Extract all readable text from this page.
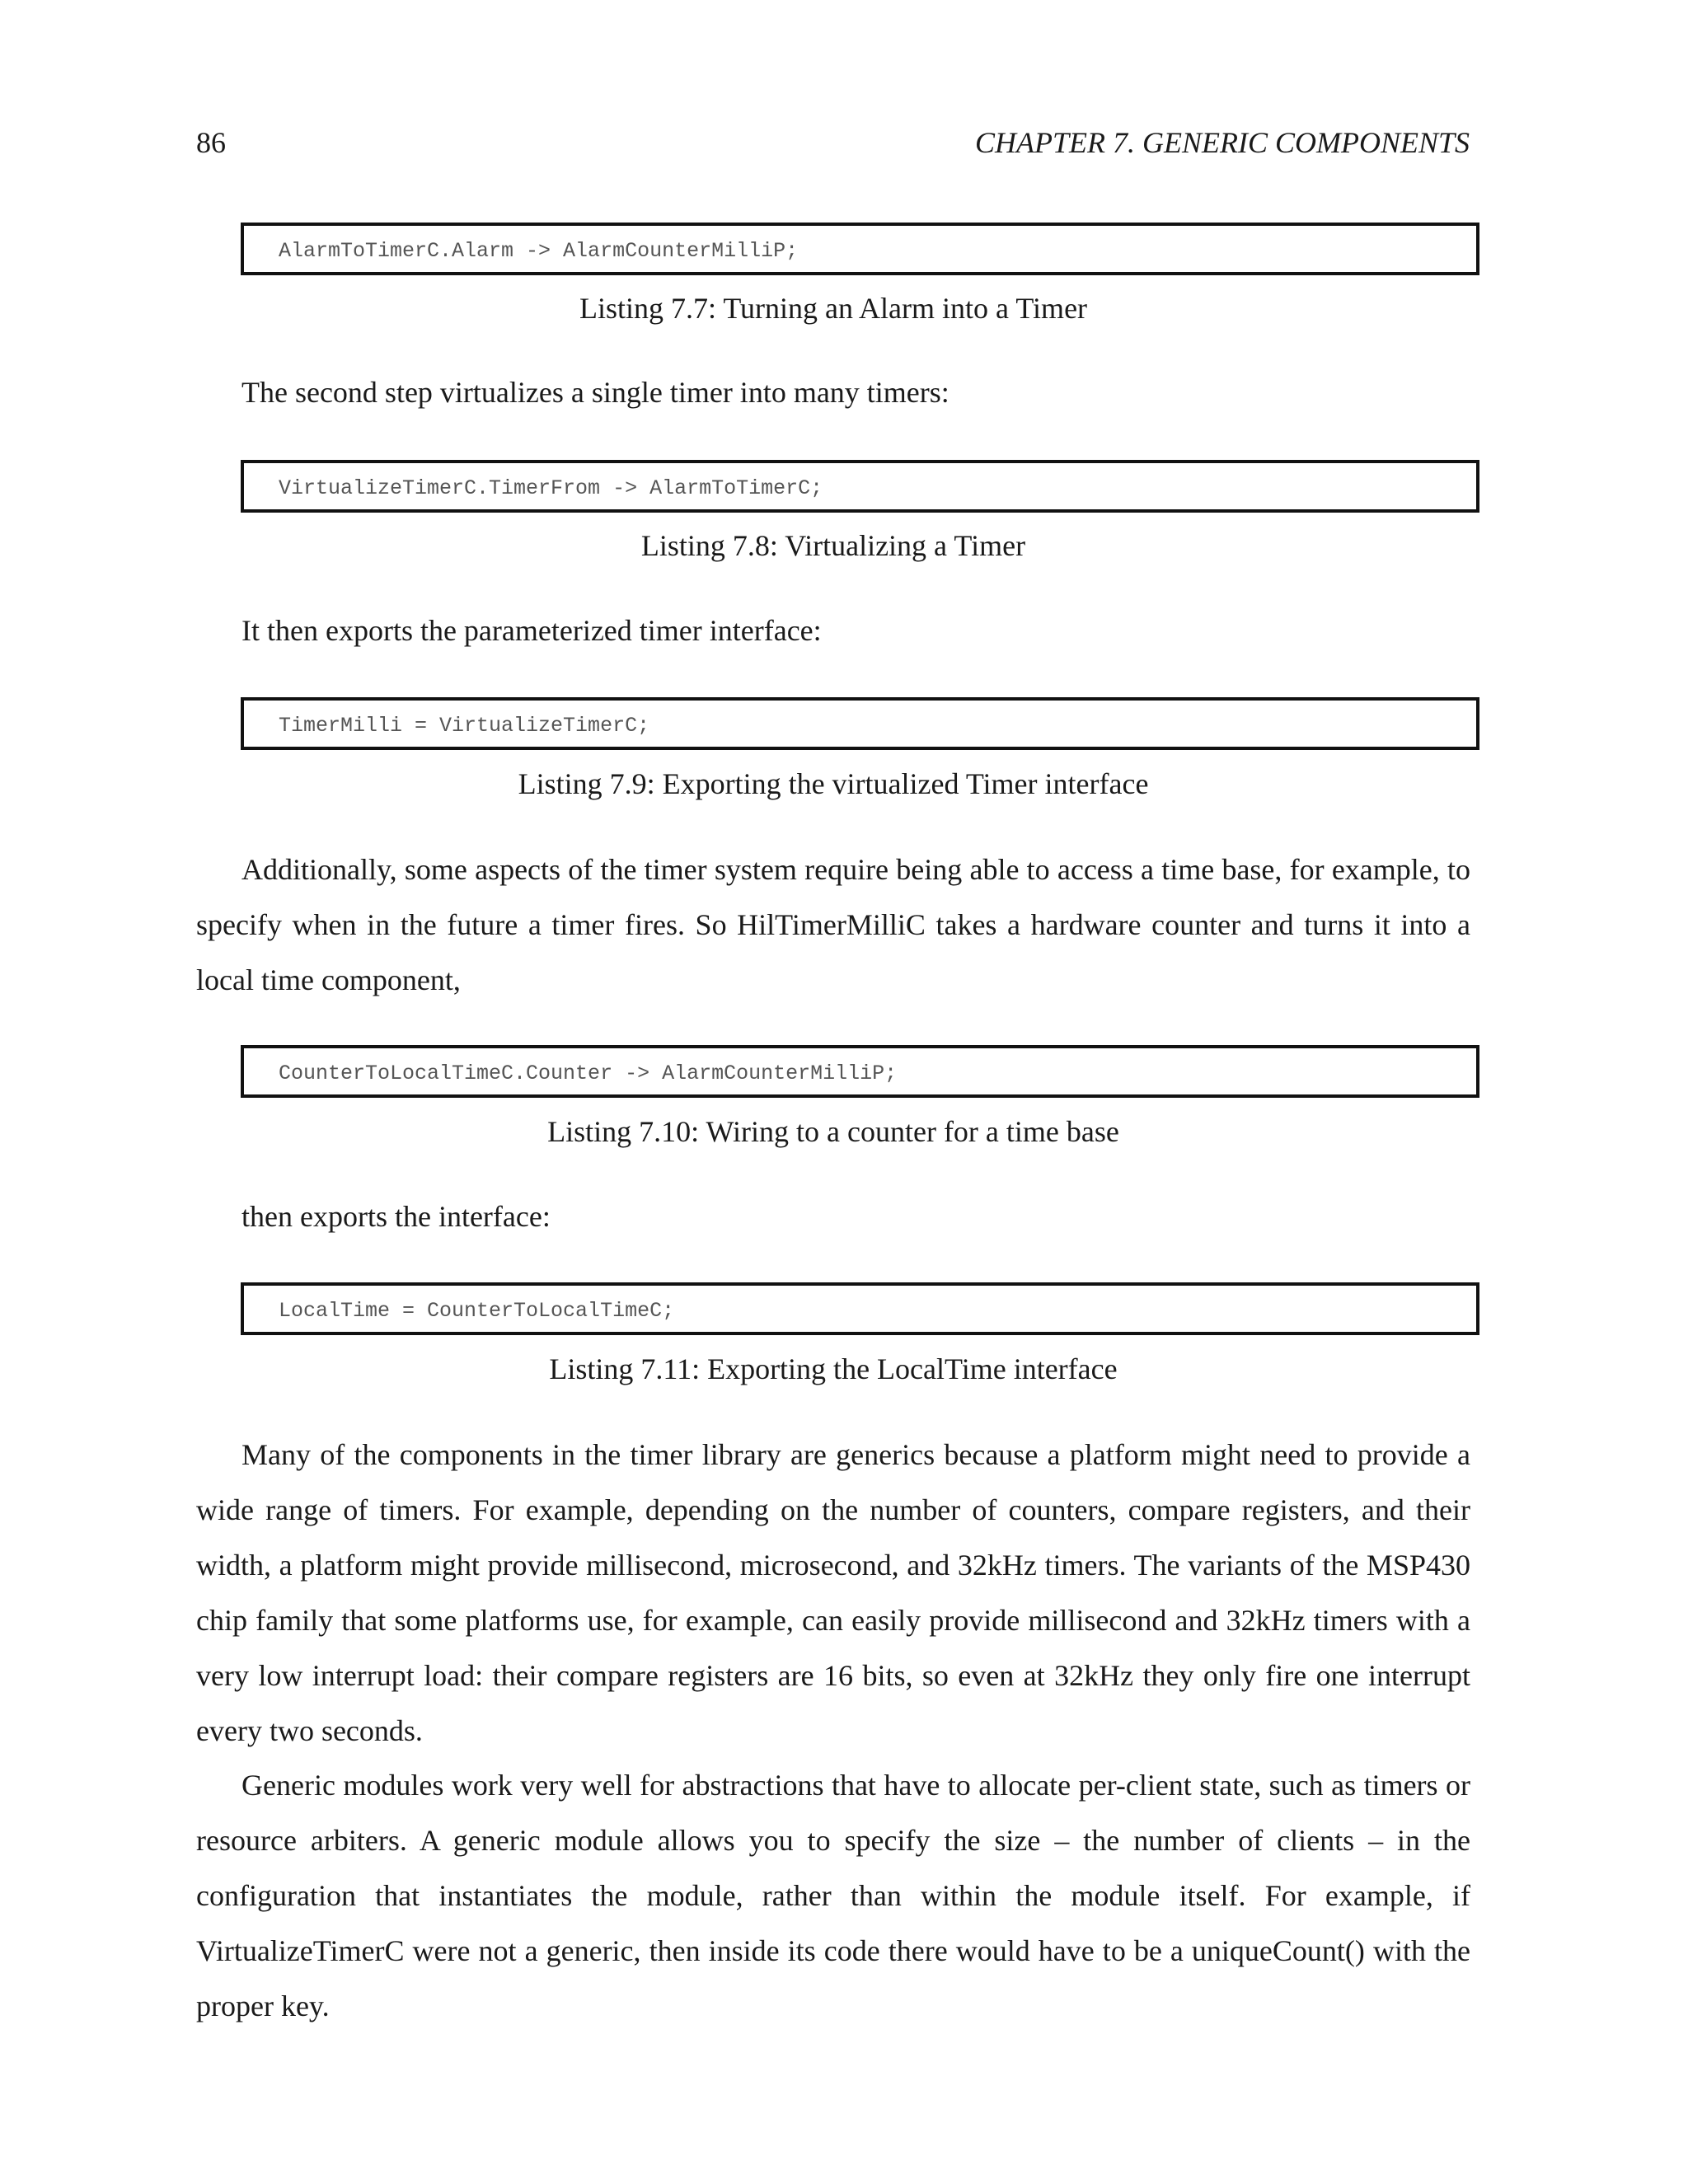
86	CHAPTER 7. GENERIC COMPONENTS
AlarmToTimerC.Alarm -> AlarmCounterMilliP;
Listing 7.7: Turning an Alarm into a Timer
The second step virtualizes a single timer into many timers:
VirtualizeTimerC.TimerFrom -> AlarmToTimerC;
Listing 7.8: Virtualizing a Timer
It then exports the parameterized timer interface:
TimerMilli = VirtualizeTimerC;
Listing 7.9: Exporting the virtualized Timer interface

Additionally, some aspects of the timer system require being able to access a time base, for example, to specify when in the future a timer fires. So HilTimerMilliC takes a hardware counter and turns it into a local time component,

CounterToLocalTimeC.Counter -> AlarmCounterMilliP;
Listing 7.10: Wiring to a counter for a time base
then exports the interface:
LocalTime = CounterToLocalTimeC;
Listing 7.11: Exporting the LocalTime interface

Many of the components in the timer library are generics because a platform might need to provide a wide range of timers. For example, depending on the number of counters, compare registers, and their width, a platform might provide millisecond, microsecond, and 32kHz timers. The variants of the MSP430 chip family that some platforms use, for example, can easily provide millisecond and 32kHz timers with a very low interrupt load: their compare registers are 16 bits, so even at 32kHz they only fire one interrupt every two seconds.

Generic modules work very well for abstractions that have to allocate per-client state, such as timers or resource arbiters. A generic module allows you to specify the size – the number of clients – in the configuration that instantiates the module, rather than within the module itself. For example, if VirtualizeTimerC were not a generic, then inside its code there would have to be a uniqueCount() with the proper key.
